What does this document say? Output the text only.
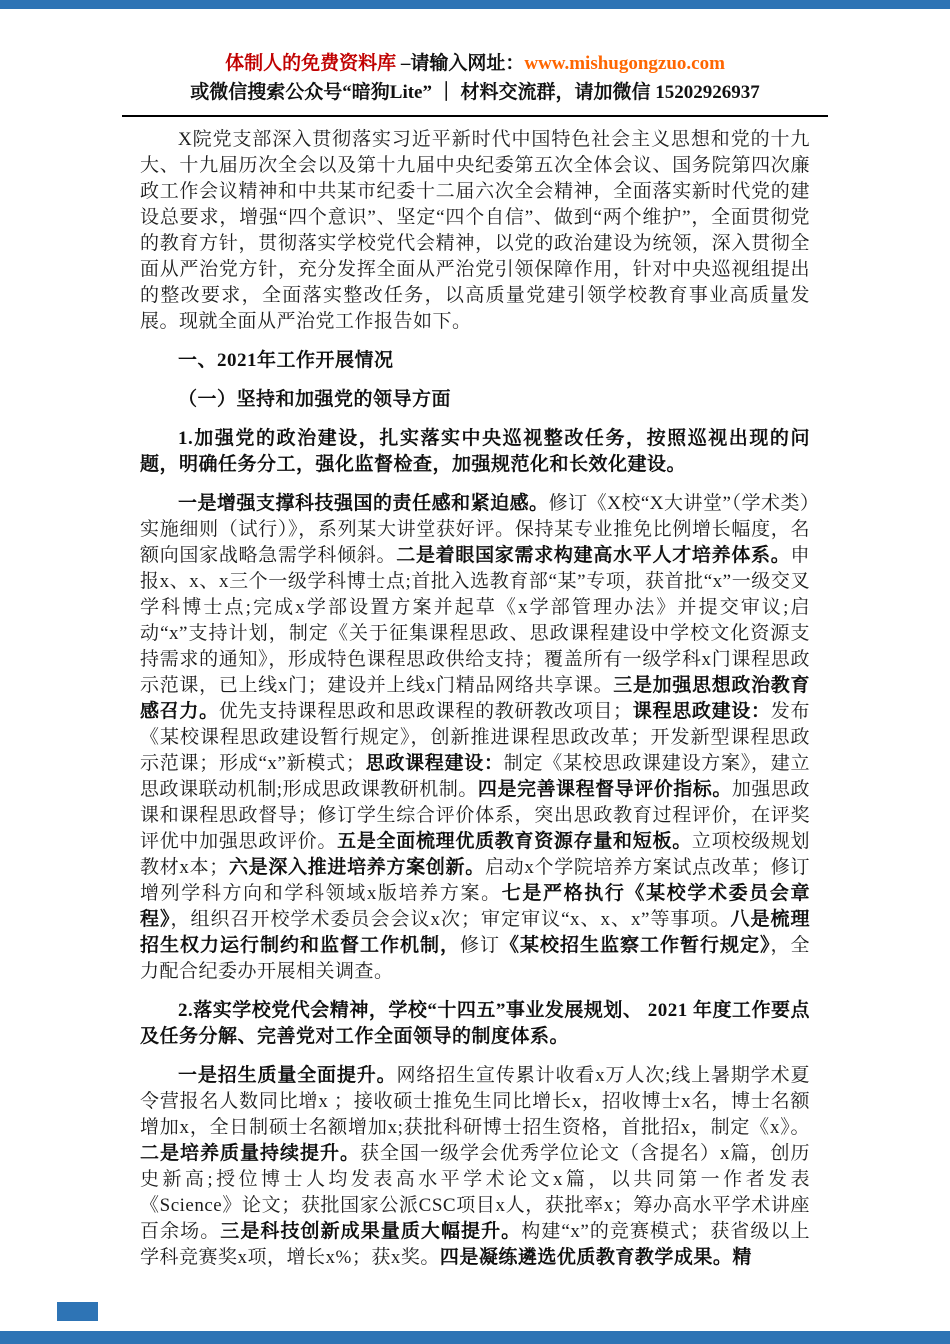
体制人的免费资料库 –请输入网址：www.mishugongzuo.com
或微信搜索公众号“暗狗Lite” ｜ 材料交流群，请加微信 15202926937

X院党支部深入贯彻落实习近平新时代中国特色社会主义思想和党的十九大、十九届历次全会以及第十九届中央纪委第五次全体会议、国务院第四次廉政工作会议精神和中共某市纪委十二届六次全会精神，全面落实新时代党的建设总要求，增强“四个意识”、坚定“四个自信”、做到“两个维护”，全面贯彻党的教育方针，贯彻落实学校党代会精神，以党的政治建设为统领，深入贯彻全面从严治党方针，充分发挥全面从严治党引领保障作用，针对中央巡视组提出的整改要求，全面落实整改任务，以高质量党建引领学校教育事业高质量发展。现就全面从严治党工作报告如下。

一、2021年工作开展情况

（一）坚持和加强党的领导方面

1.加强党的政治建设，扎实落实中央巡视整改任务，按照巡视出现的问题，明确任务分工，强化监督检查，加强规范化和长效化建设。

一是增强支撑科技强国的责任感和紧迫感。修订《X校“X大讲堂”（学术类）实施细则（试行）》，系列某大讲堂获好评。保持某专业推免比例增长幅度，名额向国家战略急需学科倾斜。二是着眼国家需求构建高水平人才培养体系。申报x、x、x三个一级学科博士点;首批入选教育部“某”专项，获首批“x”一级交叉学科博士点;完成x学部设置方案并起草《x学部管理办法》并提交审议;启动“x”支持计划，制定《关于征集课程思政、思政课程建设中学校文化资源支持需求的通知》，形成特色课程思政供给支持；覆盖所有一级学科x门课程思政示范课，已上线x门；建设并上线x门精品网络共享课。三是加强思想政治教育感召力。优先支持课程思政和思政课程的教研教改项目；课程思政建设：发布《某校课程思政建设暂行规定》，创新推进课程思政改革；开发新型课程思政示范课；形成“x”新模式；思政课程建设：制定《某校思政课建设方案》，建立思政课联动机制;形成思政课教研机制。四是完善课程督导评价指标。加强思政课和课程思政督导；修订学生综合评价体系，突出思政教育过程评价，在评奖评优中加强思政评价。五是全面梳理优质教育资源存量和短板。立项校级规划教材x本；六是深入推进培养方案创新。启动x个学院培养方案试点改革；修订增列学科方向和学科领域x版培养方案。七是严格执行《某校学术委员会章程》，组织召开校学术委员会会议x次；审定审议“x、x、x”等事项。八是梳理招生权力运行制约和监督工作机制，修订《某校招生监察工作暂行规定》，全力配合纪委办开展相关调查。

2.落实学校党代会精神，学校“十四五”事业发展规划、 2021 年度工作要点及任务分解、完善党对工作全面领导的制度体系。

一是招生质量全面提升。网络招生宣传累计收看x万人次;线上暑期学术夏令营报名人数同比增x ；接收硕士推免生同比增长x，招收博士x名，博士名额增加x，全日制硕士名额增加x;获批科研博士招生资格，首批招x，制定《x》。二是培养质量持续提升。获全国一级学会优秀学位论文（含提名）x篇，创历史新高;授位博士人均发表高水平学术论文x篇，以共同第一作者发表《Science》论文；获批国家公派CSC项目x人，获批率x；筹办高水平学术讲座百余场。三是科技创新成果量质大幅提升。构建“x”的竞赛模式；获省级以上学科竞赛奖x项，增长x%；获x奖。四是凝练遴选优质教育教学成果。精
